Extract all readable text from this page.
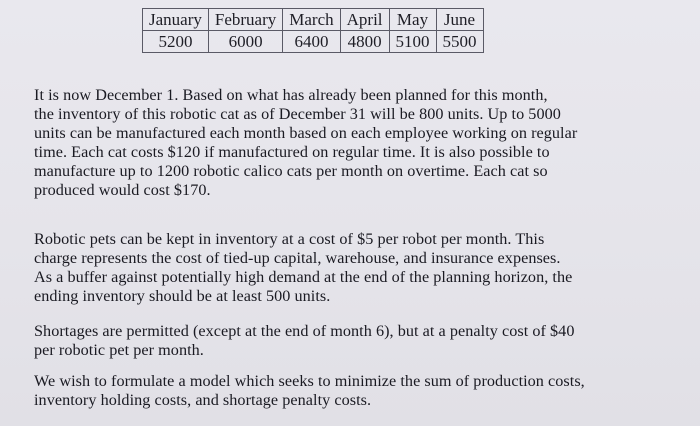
January	February	March	April	May	June
5200	6000	6400	4800	5100	5500

It is now December 1. Based on what has already been planned for this month,
the inventory of this robotic cat as of December 31 will be 800 units. Up to 5000
units can be manufactured each month based on each employee working on regular
time. Each cat costs $120 if manufactured on regular time. It is also possible to
manufacture up to 1200 robotic calico cats per month on overtime. Each cat so
produced would cost $170.

Robotic pets can be kept in inventory at a cost of $5 per robot per month. This
charge represents the cost of tied-up capital, warehouse, and insurance expenses.
As a buffer against potentially high demand at the end of the planning horizon, the
ending inventory should be at least 500 units.

Shortages are permitted (except at the end of month 6), but at a penalty cost of $40
per robotic pet per month.

We wish to formulate a model which seeks to minimize the sum of production costs,
inventory holding costs, and shortage penalty costs.
